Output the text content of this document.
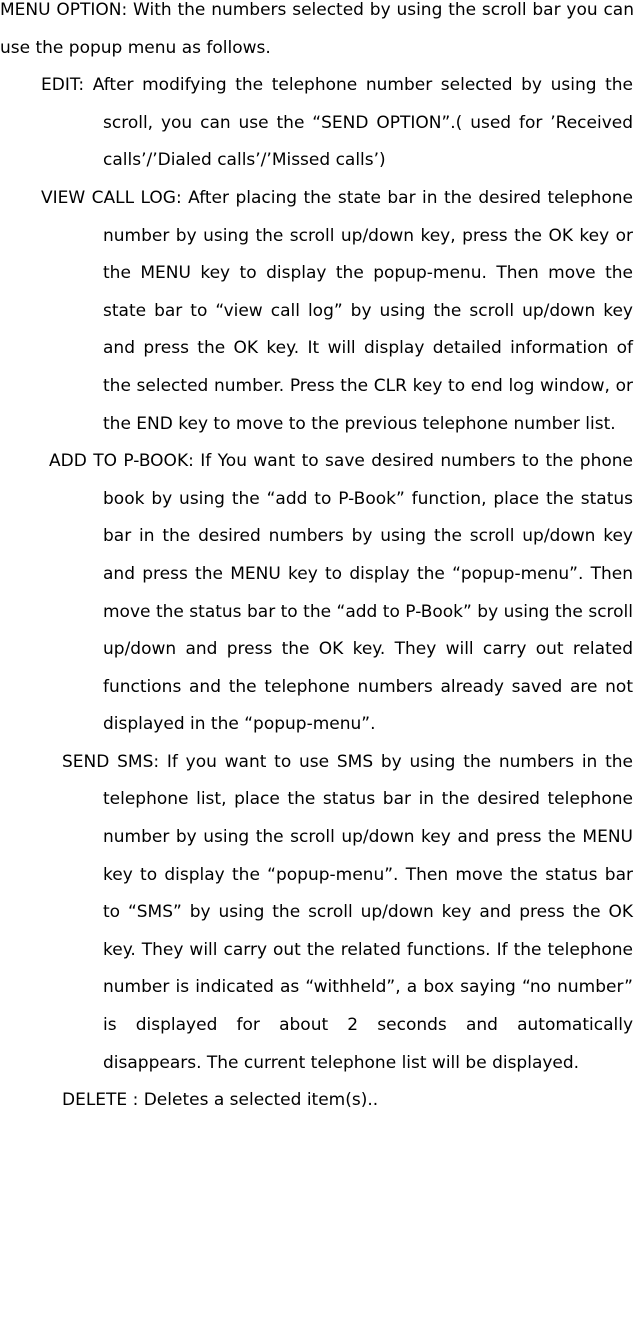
MENU OPTION: With the numbers selected by using the scroll bar you can use the popup menu as follows.

EDIT: After modifying the telephone number selected by using the scroll, you can use the “SEND OPTION”.( used for ’Received calls’/’Dialed calls’/’Missed calls’)

VIEW CALL LOG: After placing the state bar in the desired telephone number by using the scroll up/down key, press the OK key or the MENU key to display the popup-menu. Then move the state bar to “view call log” by using the scroll up/down key and press the OK key. It will display detailed information of the selected number. Press the CLR key to end log window, or the END key to move to the previous telephone number list.

ADD TO P-BOOK: If You want to save desired numbers to the phone book by using the “add to P-Book” function, place the status bar in the desired numbers by using the scroll up/down key and press the MENU key to display the “popup-menu”. Then move the status bar to the “add to P-Book” by using the scroll up/down and press the OK key. They will carry out related functions and the telephone numbers already saved are not displayed in the “popup-menu”.

SEND SMS: If you want to use SMS by using the numbers in the telephone list, place the status bar in the desired telephone number by using the scroll up/down key and press the MENU key to display the “popup-menu”. Then move the status bar to “SMS” by using the scroll up/down key and press the OK key. They will carry out the related functions. If the telephone number is indicated as “withheld”, a box saying “no number” is displayed for about 2 seconds and automatically disappears. The current telephone list will be displayed.

DELETE : Deletes a selected item(s)..
